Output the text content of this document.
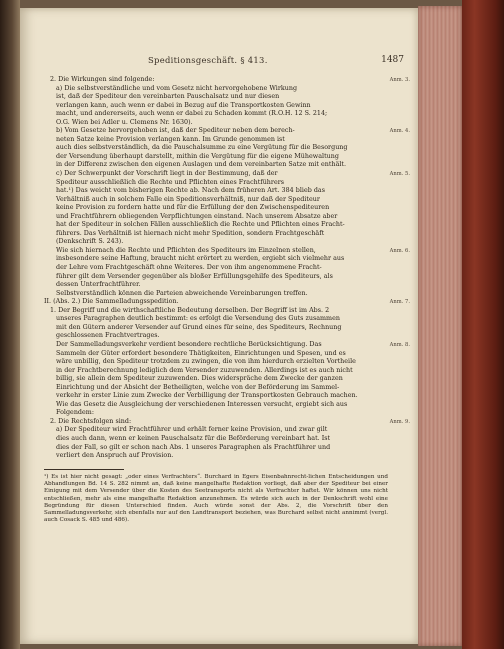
Speditionsgeschäft. § 413.	1487
2. Die Wirkungen sind folgende:	Anm. 3.
a) Die selbstverständliche und vom Gesetz nicht hervorgehobene Wirkung
ist, daß der Spediteur den vereinbarten Pauschalsatz und nur diesen
verlangen kann, auch wenn er dabei in Bezug auf die Transportkosten Gewinn
macht, und andererseits, auch wenn er dabei zu Schaden kommt (R.O.H. 12 S. 214;
O.G. Wien bei Adler u. Clemens Nr. 1630).
b) Vom Gesetze hervorgehoben ist, daß der Spediteur neben dem berech-	Anm. 4.
neten Satze keine Provision verlangen kann. Im Grunde genommen ist
auch dies selbstverständlich, da die Pauschalsumme zu eine Vergütung für die Besorgung
der Versendung überhaupt darstellt, mithin die Vergütung für die eigene Mühewaltung
in der Differenz zwischen den eigenen Auslagen und dem vereinbarten Satze mit enthält.
c) Der Schwerpunkt der Vorschrift liegt in der Bestimmung, daß der	Anm. 5.
Spediteur ausschließlich die Rechte und Pflichten eines Frachtführers
hat.¹) Das weicht vom bisherigen Rechte ab. Nach dem früheren Art. 384 blieb das
Verhältniß auch in solchem Falle ein Speditionsverhältniß, nur daß der Spediteur
keine Provision zu fordern hatte und für die Erfüllung der den Zwischenspediteuren
und Frachtführern obliegenden Verpflichtungen einstand. Nach unserem Absatze aber
hat der Spediteur in solchen Fällen ausschließlich die Rechte und Pflichten eines Fracht-
führers. Das Verhältniß ist hiernach nicht mehr Spedition, sondern Frachtgeschäft
(Denkschrift S. 243).
Wie sich hiernach die Rechte und Pflichten des Spediteurs im Einzelnen stellen,	Anm. 6.
insbesondere seine Haftung, braucht nicht erörtert zu werden, ergiebt sich vielmehr aus
der Lehre vom Frachtgeschäft ohne Weiteres. Der von ihm angenommene Fracht-
führer gilt dem Versender gegenüber als bloßer Erfüllungsgehilfe des Spediteurs, als
dessen Unterfrachtführer.
Selbstverständlich können die Parteien abweichende Vereinbarungen treffen.
II. (Abs. 2.) Die Sammelladungsspedition.	Anm. 7.
1. Der Begriff und die wirthschaftliche Bedeutung derselben. Der Begriff ist im Abs. 2
unseres Paragraphen deutlich bestimmt: es erfolgt die Versendung des Guts zusammen
mit den Gütern anderer Versender auf Grund eines für seine, des Spediteurs, Rechnung
geschlossenen Frachtvertrages.
Der Sammelladungsverkehr verdient besondere rechtliche Berücksichtigung. Das	Anm. 8.
Sammeln der Güter erfordert besondere Thätigkeiten, Einrichtungen und Spesen, und es
wäre unbillig, den Spediteur trotzdem zu zwingen, die von ihm hierdurch erzielten Vortheile
in der Frachtberechnung lediglich dem Versender zuzuwenden. Allerdings ist es auch nicht
billig, sie allein dem Spediteur zuzuwenden. Dies widerspräche dem Zwecke der ganzen
Einrichtung und der Absicht der Betheiligten, welche von der Beförderung im Sammel-
verkehr in erster Linie zum Zwecke der Verbilligung der Transportkosten Gebrauch machen.
Wie das Gesetz die Ausgleichung der verschiedenen Interessen versucht, ergiebt sich aus
Folgendem:
2. Die Rechtsfolgen sind:	Anm. 9.
a) Der Spediteur wird Frachtführer und erhält ferner keine Provision, und zwar gilt
dies auch dann, wenn er keinen Pauschalsatz für die Beförderung vereinbart hat. Ist
dies der Fall, so gilt er schon nach Abs. 1 unseres Paragraphen als Frachtführer und
verliert den Anspruch auf Provision.
¹) Es ist hier nicht gesagt: „oder eines Verfrachters“. Burchard in Egers Eisenbahnrecht-lichen Entscheidungen und Abhandlungen Bd. 14 S. 282 nimmt an, daß keine mangelhafte Redaktion vorliegt, daß aber der Spediteur bei einer Einigung mit dem Versender über die Kosten des Seetransports nicht als Verfrachter haftet. Wir können uns nicht entschließen, mehr als eine mangelhafte Redaktion anzunehmen. Es würde sich auch in der Denkschrift wohl eine Begründung für diesen Unterschied finden. Auch würde sonst der Abs. 2, die Vorschrift über den Sammelladungsverkehr, sich ebenfalls nur auf den Landtransport beziehen, was Burchard selbst nicht annimmt (vergl. auch Cosack S. 485 und 486).
